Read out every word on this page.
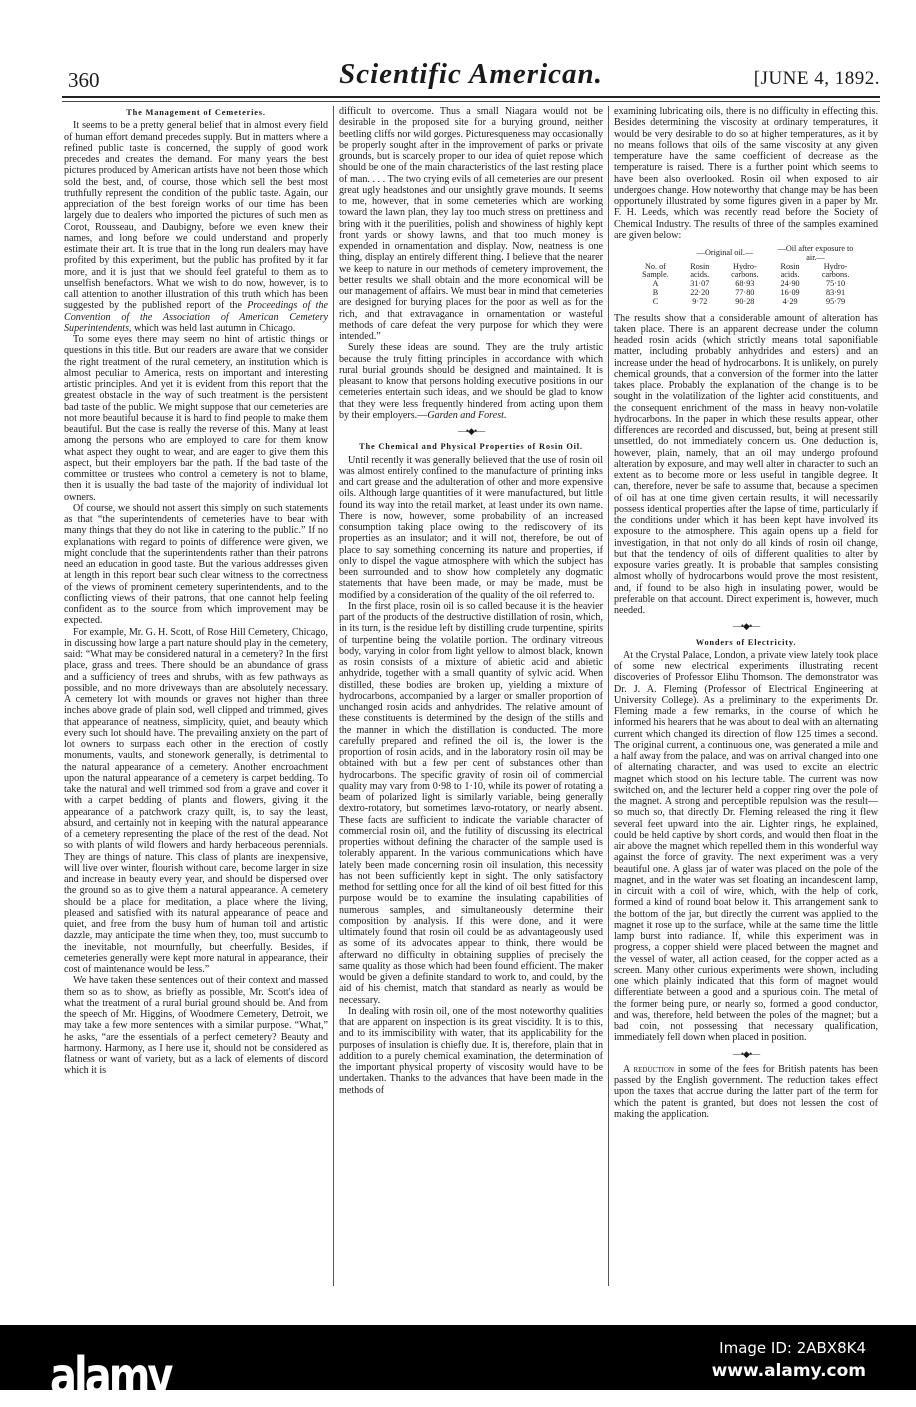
360	Scientific American.	[JUNE 4, 1892.
The Management of Cemeteries.

It seems to be a pretty general belief that in almost every field of human effort demand precedes supply. But in matters where a refined public taste is concerned, the supply of good work precedes and creates the demand. For many years the best pictures produced by American artists have not been those which sold the best, and, of course, those which sell the best most truthfully represent the condition of the public taste. Again, our appreciation of the best foreign works of our time has been largely due to dealers who imported the pictures of such men as Corot, Rousseau, and Daubigny, before we even knew their names, and long before we could understand and properly estimate their art. It is true that in the long run dealers may have profited by this experiment, but the public has profited by it far more, and it is just that we should feel grateful to them as to unselfish benefactors. What we wish to do now, however, is to call attention to another illustration of this truth which has been suggested by the published report of the Proceedings of the Convention of the Association of American Cemetery Superintendents, which was held last autumn in Chicago.

To some eyes there may seem no hint of artistic things or questions in this title. But our readers are aware that we consider the right treatment of the rural cemetery, an institution which is almost peculiar to America, rests on important and interesting artistic principles. And yet it is evident from this report that the greatest obstacle in the way of such treatment is the persistent bad taste of the public. We might suppose that our cemeteries are not more beautiful because it is hard to find people to make them beautiful. But the case is really the reverse of this. Many at least among the persons who are employed to care for them know what aspect they ought to wear, and are eager to give them this aspect, but their employers bar the path. If the bad taste of the committee or trustees who control a cemetery is not to blame, then it is usually the bad taste of the majority of individual lot owners.

Of course, we should not assert this simply on such statements as that “the superintendents of cemeteries have to bear with many things that they do not like in catering to the public.” If no explanations with regard to points of difference were given, we might conclude that the superintendents rather than their patrons need an education in good taste. But the various addresses given at length in this report bear such clear witness to the correctness of the views of prominent cemetery superintendents, and to the conflicting views of their patrons, that one cannot help feeling confident as to the source from which improvement may be expected.

For example, Mr. G. H. Scott, of Rose Hill Cemetery, Chicago, in discussing how large a part nature should play in the cemetery, said: “What may be considered natural in a cemetery? In the first place, grass and trees. There should be an abundance of grass and a sufficiency of trees and shrubs, with as few pathways as possible, and no more driveways than are absolutely necessary. A cemetery lot with mounds or graves not higher than three inches above grade of plain sod, well clipped and trimmed, gives that appearance of neatness, simplicity, quiet, and beauty which every such lot should have. The prevailing anxiety on the part of lot owners to surpass each other in the erection of costly monuments, vaults, and stonework generally, is detrimental to the natural appearance of a cemetery. Another encroachment upon the natural appearance of a cemetery is carpet bedding. To take the natural and well trimmed sod from a grave and cover it with a carpet bedding of plants and flowers, giving it the appearance of a patchwork crazy quilt, is, to say the least, absurd, and certainly not in keeping with the natural appearance of a cemetery representing the place of the rest of the dead. Not so with plants of wild flowers and hardy herbaceous perennials. They are things of nature. This class of plants are inexpensive, will live over winter, flourish without care, become larger in size and increase in beauty every year, and should be dispersed over the ground so as to give them a natural appearance. A cemetery should be a place for meditation, a place where the living, pleased and satisfied with its natural appearance of peace and quiet, and free from the busy hum of human toil and artistic dazzle, may anticipate the time when they, too, must succumb to the inevitable, not mournfully, but cheerfully. Besides, if cemeteries generally were kept more natural in appearance, their cost of maintenance would be less.”

We have taken these sentences out of their context and massed them so as to show, as briefly as possible, Mr. Scott's idea of what the treatment of a rural burial ground should be. And from the speech of Mr. Higgins, of Woodmere Cemetery, Detroit, we may take a few more sentences with a similar purpose. “What,” he asks, “are the essentials of a perfect cemetery? Beauty and harmony. Harmony, as I here use it, should not be considered as flatness or want of variety, but as a lack of elements of discord which it is

difficult to overcome. Thus a small Niagara would not be desirable in the proposed site for a burying ground, neither beetling cliffs nor wild gorges. Picturesqueness may occasionally be properly sought after in the improvement of parks or private grounds, but is scarcely proper to our idea of quiet repose which should be one of the main characteristics of the last resting place of man. . . . The two crying evils of all cemeteries are our present great ugly headstones and our unsightly grave mounds. It seems to me, however, that in some cemeteries which are working toward the lawn plan, they lay too much stress on prettiness and bring with it the puerilities, polish and showiness of highly kept front yards or showy lawns, and that too much money is expended in ornamentation and display. Now, neatness is one thing, display an entirely different thing. I believe that the nearer we keep to nature in our methods of cemetery improvement, the better results we shall obtain and the more economical will be our management of affairs. We must bear in mind that cemeteries are designed for burying places for the poor as well as for the rich, and that extravagance in ornamentation or wasteful methods of care defeat the very purpose for which they were intended.”

Surely these ideas are sound. They are the truly artistic because the truly fitting principles in accordance with which rural burial grounds should be designed and maintained. It is pleasant to know that persons holding executive positions in our cemeteries entertain such ideas, and we should be glad to know that they were less frequently hindered from acting upon them by their employers.—Garden and Forest.

—•◆•—
The Chemical and Physical Properties of Rosin Oil.

Until recently it was generally believed that the use of rosin oil was almost entirely confined to the manufacture of printing inks and cart grease and the adulteration of other and more expensive oils. Although large quantities of it were manufactured, but little found its way into the retail market, at least under its own name. There is now, however, some probability of an increased consumption taking place owing to the rediscovery of its properties as an insulator; and it will not, therefore, be out of place to say something concerning its nature and properties, if only to dispel the vague atmosphere with which the subject has been surrounded and to show how completely any dogmatic statements that have been made, or may be made, must be modified by a consideration of the quality of the oil referred to.

In the first place, rosin oil is so called because it is the heavier part of the products of the destructive distillation of rosin, which, in its turn, is the residue left by distilling crude turpentine, spirits of turpentine being the volatile portion. The ordinary vitreous body, varying in color from light yellow to almost black, known as rosin consists of a mixture of abietic acid and abietic anhydride, together with a small quantity of sylvic acid. When distilled, these bodies are broken up, yielding a mixture of hydrocarbons, accompanied by a larger or smaller proportion of unchanged rosin acids and anhydrides. The relative amount of these constituents is determined by the design of the stills and the manner in which the distillation is conducted. The more carefully prepared and refined the oil is, the lower is the proportion of rosin acids, and in the laboratory rosin oil may be obtained with but a few per cent of substances other than hydrocarbons. The specific gravity of rosin oil of commercial quality may vary from 0·98 to 1·10, while its power of rotating a beam of polarized light is similarly variable, being generally dextro-rotatory, but sometimes lævo-rotatory, or nearly absent. These facts are sufficient to indicate the variable character of commercial rosin oil, and the futility of discussing its electrical properties without defining the character of the sample used is tolerably apparent. In the various communications which have lately been made concerning rosin oil insulation, this necessity has not been sufficiently kept in sight. The only satisfactory method for settling once for all the kind of oil best fitted for this purpose would be to examine the insulating capabilities of numerous samples, and simultaneously determine their composition by analysis. If this were done, and it were ultimately found that rosin oil could be as advantageously used as some of its advocates appear to think, there would be afterward no difficulty in obtaining supplies of precisely the same quality as those which had been found efficient. The maker would be given a definite standard to work to, and could, by the aid of his chemist, match that standard as nearly as would be necessary.

In dealing with rosin oil, one of the most noteworthy qualities that are apparent on inspection is its great viscidity. It is to this, and to its immiscibility with water, that its applicability for the purposes of insulation is chiefly due. It is, therefore, plain that in addition to a purely chemical examination, the determination of the important physical property of viscosity would have to be undertaken. Thanks to the advances that have been made in the methods of

examining lubricating oils, there is no difficulty in effecting this. Besides determining the viscosity at ordinary temperatures, it would be very desirable to do so at higher temperatures, as it by no means follows that oils of the same viscosity at any given temperature have the same coefficient of decrease as the temperature is raised. There is a further point which seems to have been also overlooked. Rosin oil when exposed to air undergoes change. How noteworthy that change may be has been opportunely illustrated by some figures given in a paper by Mr. F. H. Leeds, which was recently read before the Society of Chemical Industry. The results of three of the samples examined are given below:

	—Original oil.—		—Oil after exposure to air.—	
No. of Sample.	Rosin acids.	Hydro-carbons.	Rosin acids.	Hydro-carbons.
A	31·07	68·93	24·90	75·10
B	22·20	77·80	16·09	83·91
C	9·72	90·28	4·29	95·79

The results show that a considerable amount of alteration has taken place. There is an apparent decrease under the column headed rosin acids (which strictly means total saponifiable matter, including probably anhydrides and esters) and an increase under the head of hydrocarbons. It is unlikely, on purely chemical grounds, that a conversion of the former into the latter takes place. Probably the explanation of the change is to be sought in the volatilization of the lighter acid constituents, and the consequent enrichment of the mass in heavy non-volatile hydrocarbons. In the paper in which these results appear, other differences are recorded and discussed, but, being at present still unsettled, do not immediately concern us. One deduction is, however, plain, namely, that an oil may undergo profound alteration by exposure, and may well alter in character to such an extent as to become more or less useful in tangible degree. It can, therefore, never be safe to assume that, because a specimen of oil has at one time given certain results, it will necessarily possess identical properties after the lapse of time, particularly if the conditions under which it has been kept have involved its exposure to the atmosphere. This again opens up a field for investigation, in that not only do all kinds of rosin oil change, but that the tendency of oils of different qualities to alter by exposure varies greatly. It is probable that samples consisting almost wholly of hydrocarbons would prove the most resistent, and, if found to be also high in insulating power, would be preferable on that account. Direct experiment is, however, much needed.

—•◆•—
Wonders of Electricity.

At the Crystal Palace, London, a private view lately took place of some new electrical experiments illustrating recent discoveries of Professor Elihu Thomson. The demonstrator was Dr. J. A. Fleming (Professor of Electrical Engineering at University College). As a preliminary to the experiments Dr. Fleming made a few remarks, in the course of which he informed his hearers that he was about to deal with an alternating current which changed its direction of flow 125 times a second. The original current, a continuous one, was generated a mile and a half away from the palace, and was on arrival changed into one of alternating character, and was used to excite an electric magnet which stood on his lecture table. The current was now switched on, and the lecturer held a copper ring over the pole of the magnet. A strong and perceptible repulsion was the result—so much so, that directly Dr. Fleming released the ring it flew several feet upward into the air. Lighter rings, he explained, could be held captive by short cords, and would then float in the air above the magnet which repelled them in this wonderful way against the force of gravity. The next experiment was a very beautiful one. A glass jar of water was placed on the pole of the magnet, and in the water was set floating an incandescent lamp, in circuit with a coil of wire, which, with the help of cork, formed a kind of round boat below it. This arrangement sank to the bottom of the jar, but directly the current was applied to the magnet it rose up to the surface, while at the same time the little lamp burst into radiance. If, while this experiment was in progress, a copper shield were placed between the magnet and the vessel of water, all action ceased, for the copper acted as a screen. Many other curious experiments were shown, including one which plainly indicated that this form of magnet would differentiate between a good and a spurious coin. The metal of the former being pure, or nearly so, formed a good conductor, and was, therefore, held between the poles of the magnet; but a bad coin, not possessing that necessary qualification, immediately fell down when placed in position.

—•◆•—

A reduction in some of the fees for British patents has been passed by the English government. The reduction takes effect upon the taxes that accrue during the latter part of the term for which the patent is granted, but does not lessen the cost of making the application.

alamy	Image ID: 2ABX8K4
www.alamy.com
